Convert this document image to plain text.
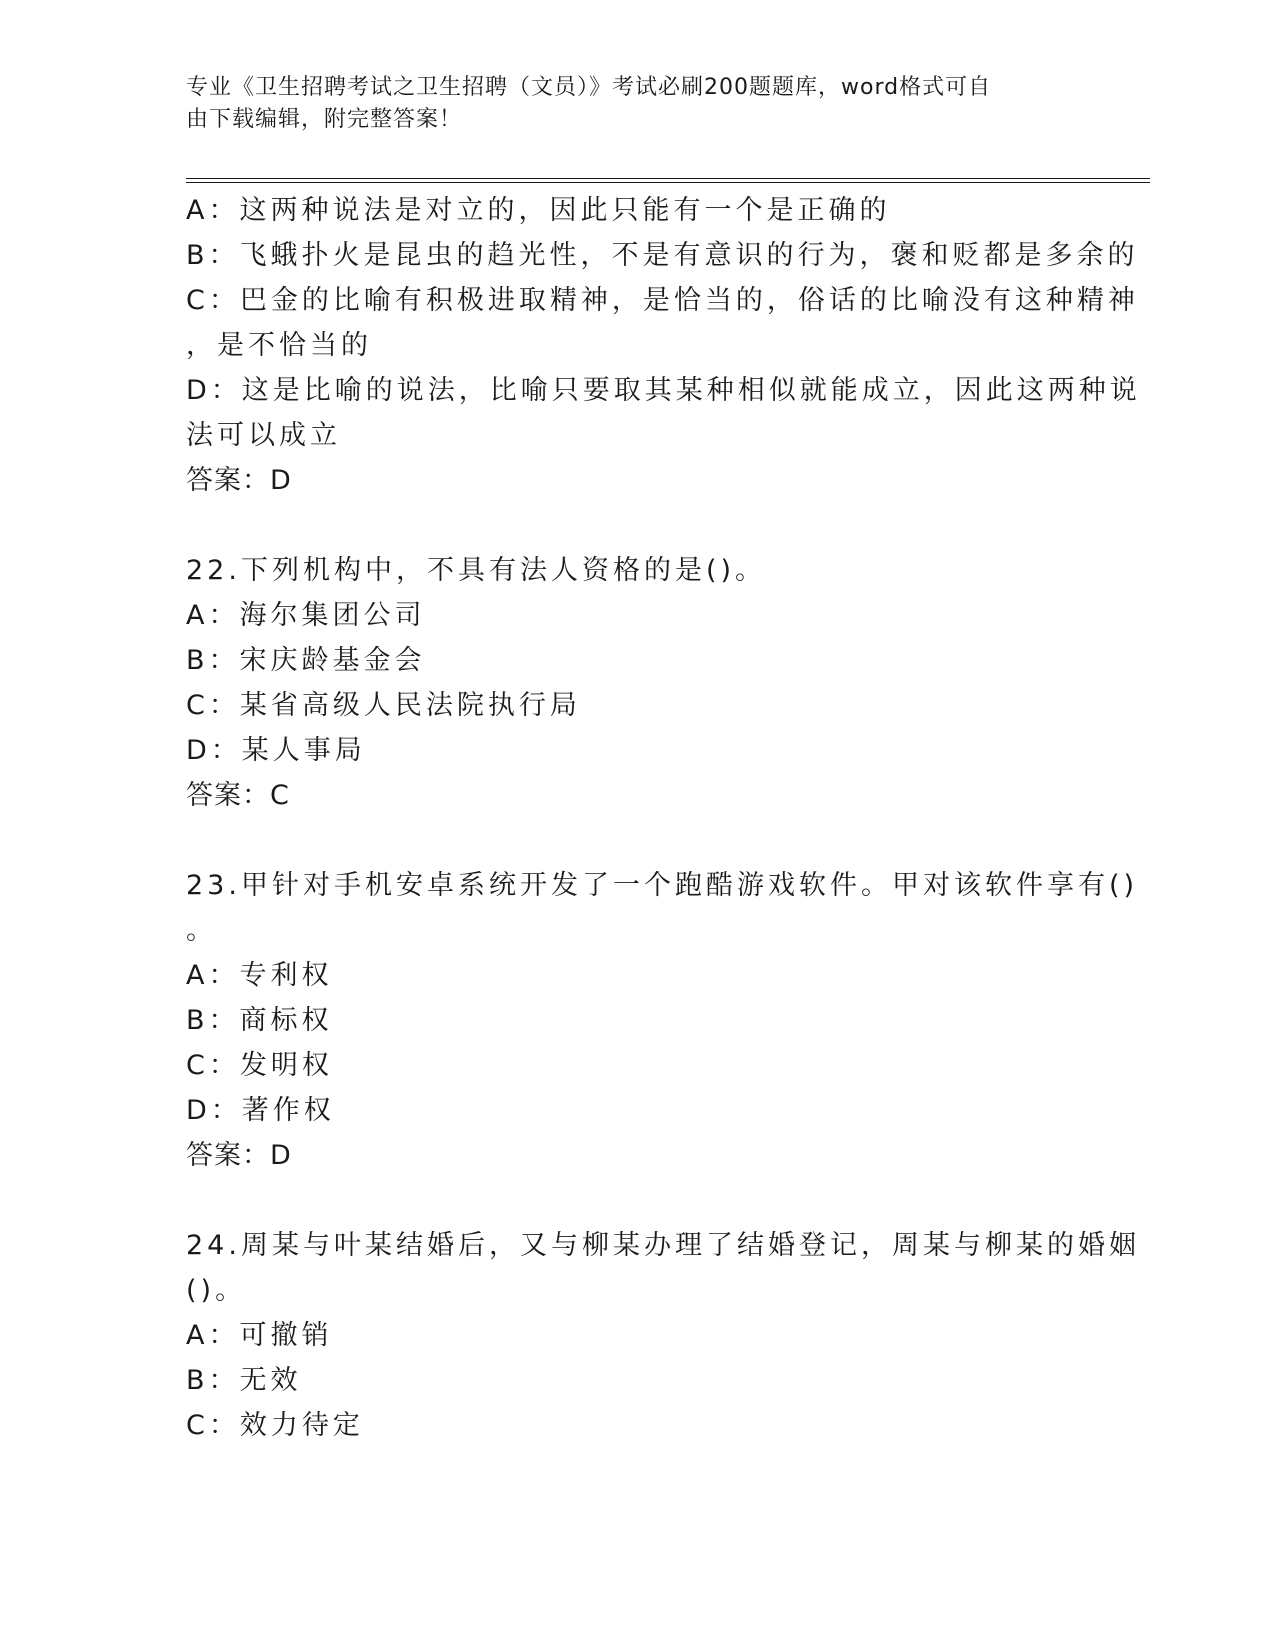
专业《卫生招聘考试之卫生招聘（文员）》考试必刷200题题库，word格式可自
由下载编辑，附完整答案！
A：这两种说法是对立的，因此只能有一个是正确的
B：飞蛾扑火是昆虫的趋光性，不是有意识的行为，褒和贬都是多余的
C：巴金的比喻有积极进取精神，是恰当的，俗话的比喻没有这种精神
，是不恰当的
D：这是比喻的说法，比喻只要取其某种相似就能成立，因此这两种说
法可以成立
答案：D
22.下列机构中，不具有法人资格的是()。
A：海尔集团公司
B：宋庆龄基金会
C：某省高级人民法院执行局
D：某人事局
答案：C
23.甲针对手机安卓系统开发了一个跑酷游戏软件。甲对该软件享有()
。
A：专利权
B：商标权
C：发明权
D：著作权
答案：D
24.周某与叶某结婚后，又与柳某办理了结婚登记，周某与柳某的婚姻
()。
A：可撤销
B：无效
C：效力待定
